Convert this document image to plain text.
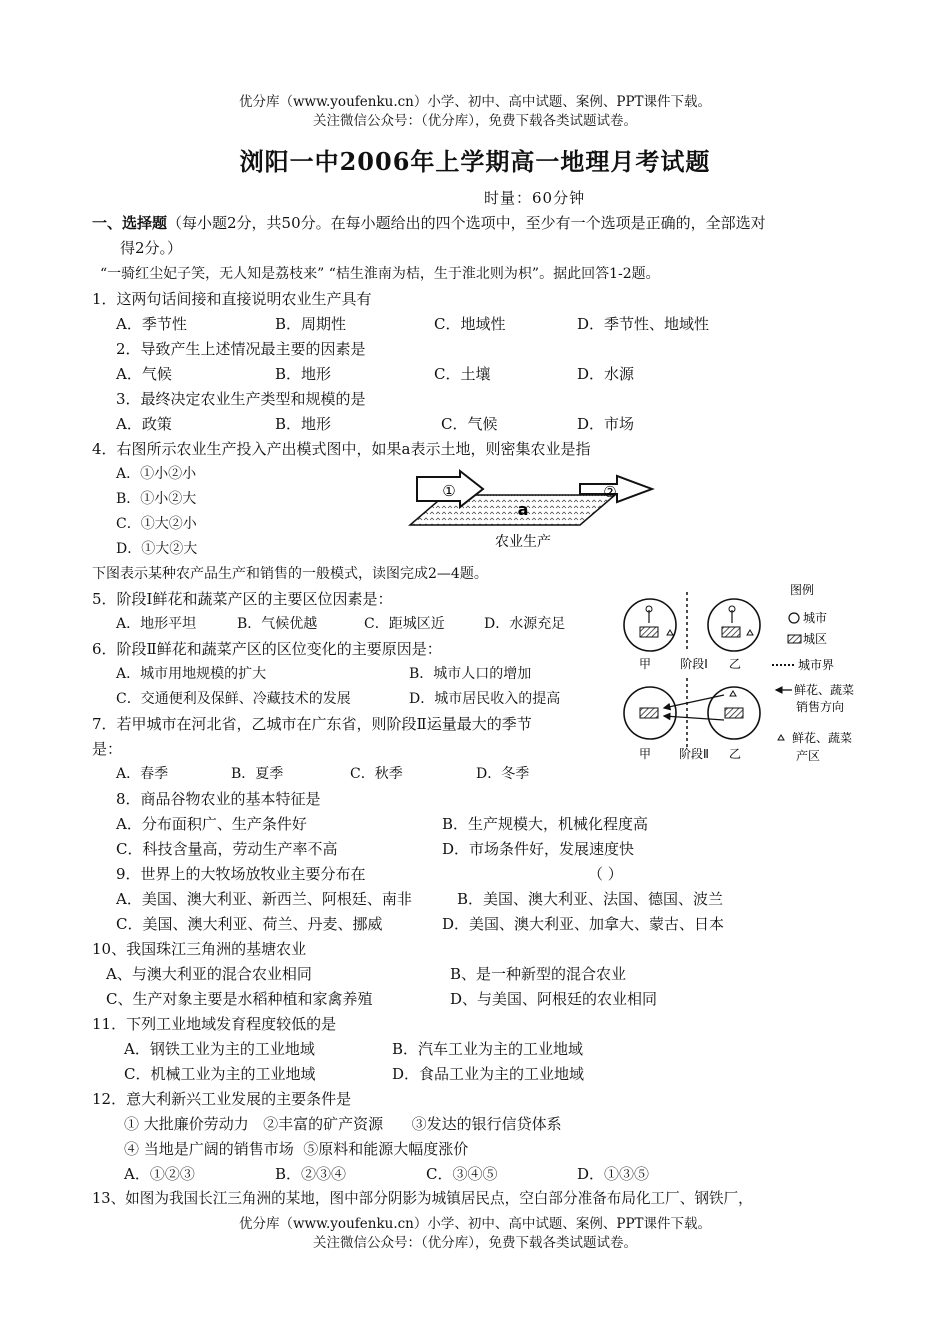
优分库（www.youfenku.cn）小学、初中、高中试题、案例、PPT课件下载。
关注微信公众号：（优分库），免费下载各类试题试卷。
浏阳一中2006年上学期高一地理月考试题
时量：60分钟
一、选择题（每小题2分，共50分。在每小题给出的四个选项中，至少有一个选项是正确的，全部选对
得2分。）
“一骑红尘妃子笑，无人知是荔枝来” “桔生淮南为桔，生于淮北则为枳”。据此回答1-2题。
1．这两句话间接和直接说明农业生产具有
A．季节性	B．周期性	C．地域性	D．季节性、地域性
2．导致产生上述情况最主要的因素是
A．气候	B．地形	C．土壤	D．水源
3．最终决定农业生产类型和规模的是
A．政策	B．地形	C．气候	D．市场
4．右图所示农业生产投入产出模式图中，如果a表示土地，则密集农业是指
A．①小②小
B．①小②大
C．①大②小
D．①大②大
①	②
a
农业生产
下图表示某种农产品生产和销售的一般模式，读图完成2—4题。
5．阶段Ⅰ鲜花和蔬菜产区的主要区位因素是：
A．地形平坦	B．气候优越	C．距城区近	D．水源充足
6．阶段Ⅱ鲜花和蔬菜产区的区位变化的主要原因是：
A．城市用地规模的扩大	B．城市人口的增加
C．交通便利及保鲜、冷藏技术的发展	D．城市居民收入的提高
7．若甲城市在河北省，乙城市在广东省，则阶段Ⅱ运量最大的季节
是：
A．春季	B．夏季	C．秋季	D．冬季
甲 阶段Ⅰ 乙
甲 阶段Ⅱ 乙
图例
城市
城区
城市界
鲜花、蔬菜
销售方向
鲜花、蔬菜
产区
8．商品谷物农业的基本特征是
A．分布面积广、生产条件好	B．生产规模大，机械化程度高
C．科技含量高，劳动生产率不高	D．市场条件好，发展速度快
9．世界上的大牧场放牧业主要分布在	（ ）
A．美国、澳大利亚、新西兰、阿根廷、南非	B．美国、澳大利亚、法国、德国、波兰
C．美国、澳大利亚、荷兰、丹麦、挪威	D．美国、澳大利亚、加拿大、蒙古、日本
10、我国珠江三角洲的基塘农业
A、与澳大利亚的混合农业相同	B、是一种新型的混合农业
C、生产对象主要是水稻种植和家禽养殖	D、与美国、阿根廷的农业相同
11．下列工业地域发育程度较低的是
A．钢铁工业为主的工业地域	B．汽车工业为主的工业地域
C．机械工业为主的工业地域	D．食品工业为主的工业地域
12．意大利新兴工业发展的主要条件是
① 大批廉价劳动力   ②丰富的矿产资源      ③发达的银行信贷体系
④ 当地是广阔的销售市场  ⑤原料和能源大幅度涨价
A．①②③	B．②③④	C．③④⑤	D．①③⑤
13、如图为我国长江三角洲的某地，图中部分阴影为城镇居民点，空白部分准备布局化工厂、钢铁厂，
优分库（www.youfenku.cn）小学、初中、高中试题、案例、PPT课件下载。
关注微信公众号：（优分库），免费下载各类试题试卷。
